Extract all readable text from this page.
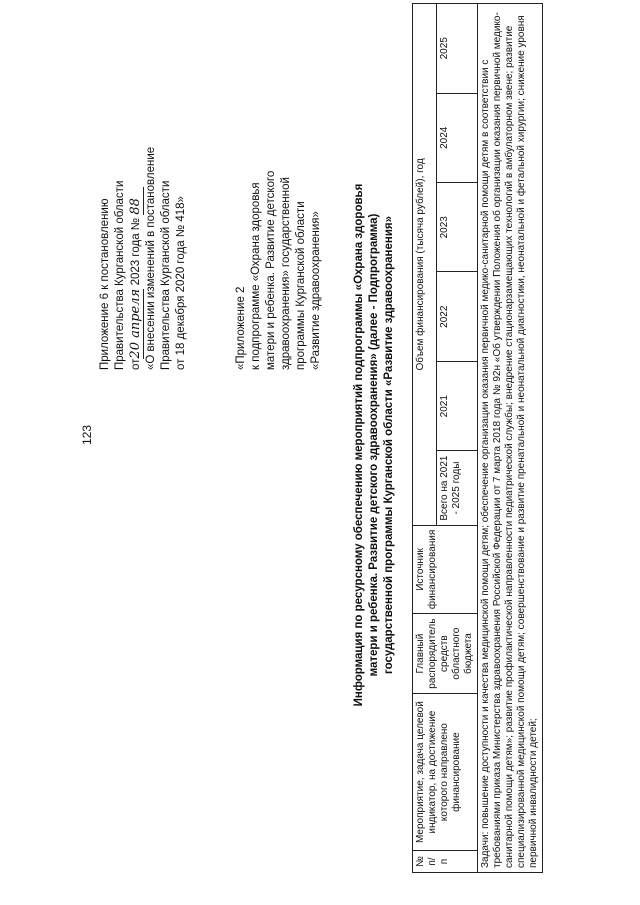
123
Приложение 6 к постановлению Правительства Курганской области от20 апреля 2023 года № 88 «О внесении изменений в постановление Правительства Курганской области от 18 декабря 2020 года № 418»	«Приложение 2 к подпрограмме «Охрана здоровья матери и ребенка. Развитие детского здравоохранения» государственной программы Курганской области «Развитие здравоохранения»	Информация по ресурсному обеспечению мероприятий подпрограммы «Охрана здоровья матери и ребенка. Развитие детского здравоохранения» (далее - Подпрограмма) государственной программы Курганской области «Развитие здравоохранения»
№ п/п	Мероприятие, задача целевой индикатор, на достижение которого направлено финансирование	Главный распорядитель средств областного бюджета	Источник финансирования	Объем финансирования (тысяча рублей), год					
				Всего на 2021 - 2025 годы	2021	2022	2023	2024	2025
Задачи: повышение доступности и качества медицинской помощи детям; обеспечение организации оказания первичной медико-санитарной помощи детям в соответствии с требованиями приказа Министерства здравоохранения Российской Федерации от 7 марта 2018 года № 92н «Об утверждении Положения об организации оказания первичной медико-санитарной помощи детям»; развитие профилактической направленности педиатрической службы; внедрение стационарзамещающих технологий в амбулаторном звене; развитие специализированной медицинской помощи детям; совершенствование и развитие пренатальной и неонатальной диагностики, неонатальной и фетальной хирургии; снижение уровня первичной инвалидности детей;									
